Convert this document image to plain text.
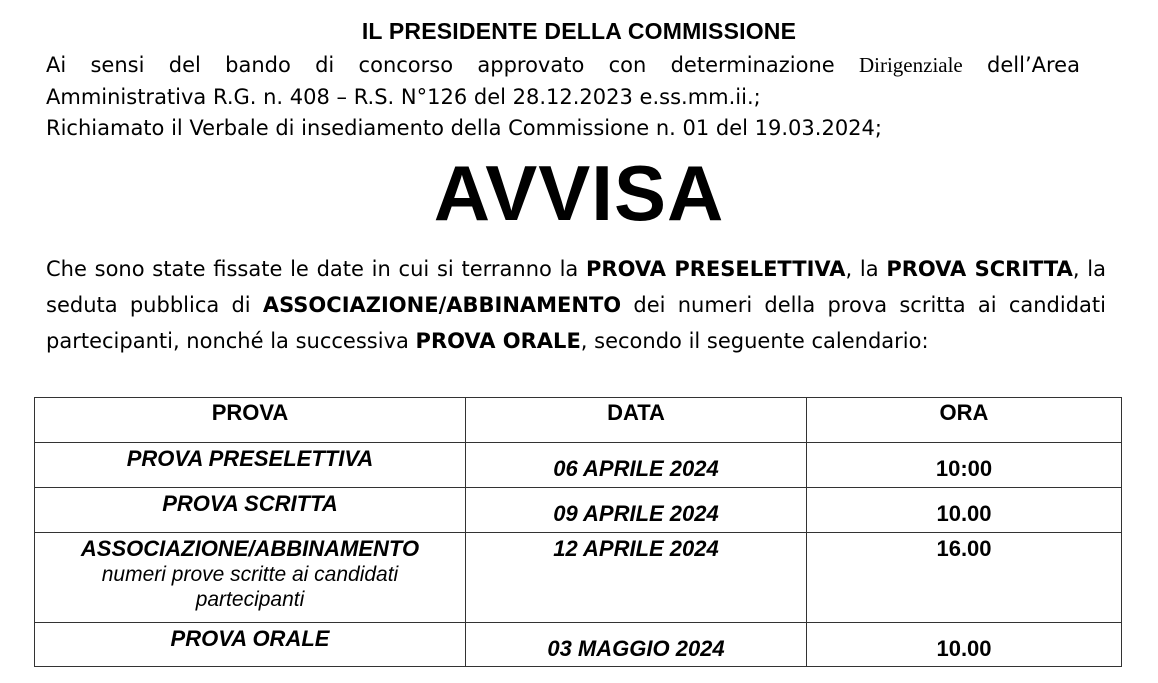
IL PRESIDENTE DELLA COMMISSIONE
Ai sensi del bando di concorso approvato con determinazione Dirigenziale dell’Area
Amministrativa R.G. n. 408 – R.S. N°126 del 28.12.2023 e.ss.mm.ii.;
Richiamato il Verbale di insediamento della Commissione n. 01 del 19.03.2024;
AVVISA
Che sono state fissate le date in cui si terranno la PROVA PRESELETTIVA, la PROVA SCRITTA, la seduta pubblica di ASSOCIAZIONE/ABBINAMENTO dei numeri della prova scritta ai candidati partecipanti, nonché la successiva PROVA ORALE, secondo il seguente calendario:
PROVA	DATA	ORA

PROVA PRESELETTIVA	06 APRILE 2024	10:00

PROVA SCRITTA	09 APRILE 2024	10.00

ASSOCIAZIONE/ABBINAMENTO
numeri prove scritte ai candidati
partecipanti	12 APRILE 2024	16.00

PROVA ORALE	03 MAGGIO 2024	10.00
